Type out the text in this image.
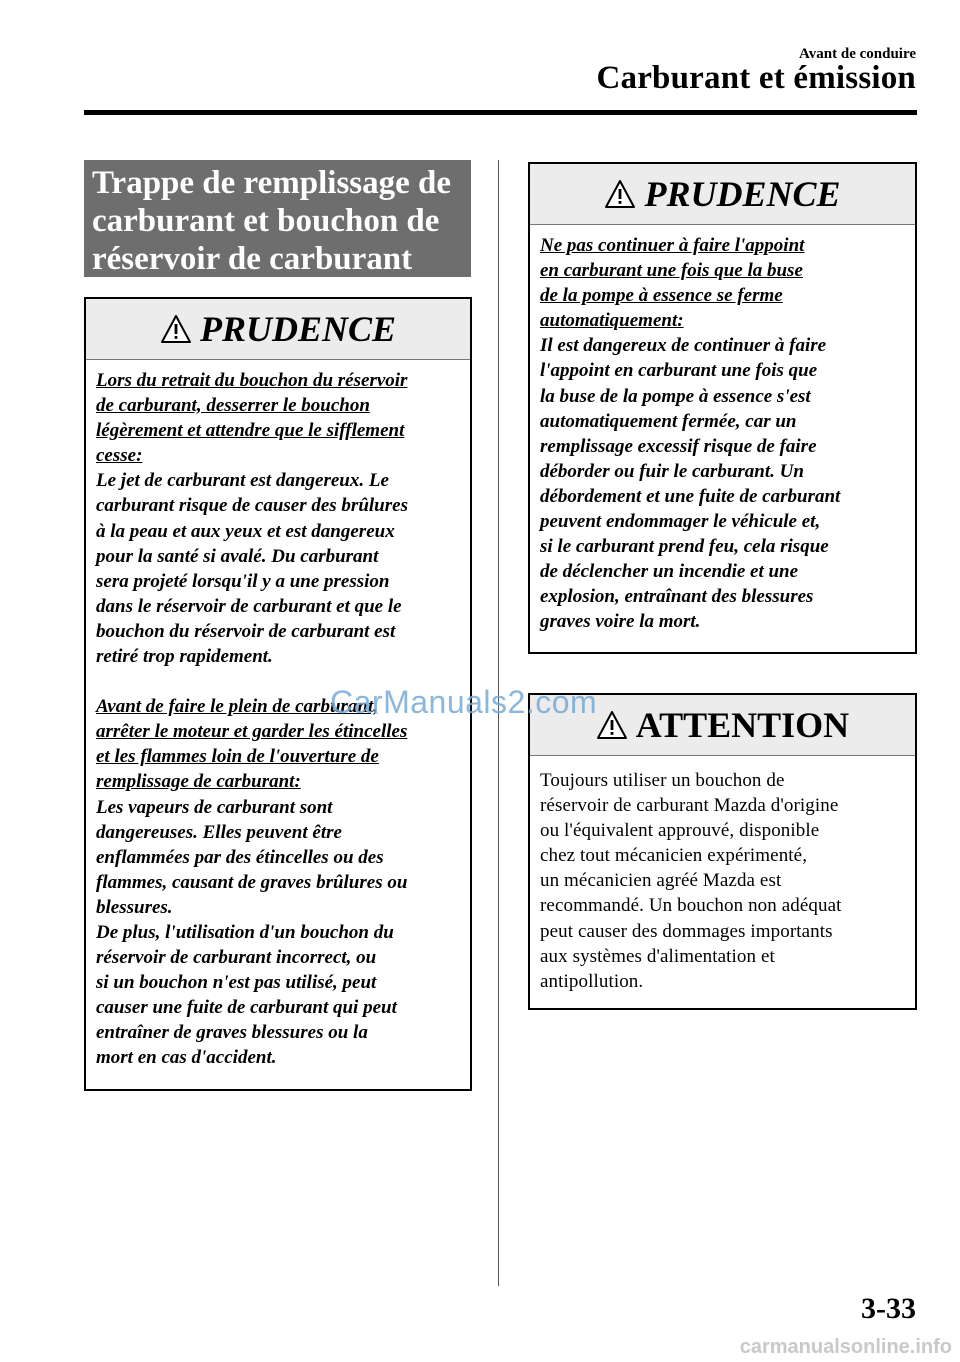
Avant de conduire
Carburant et émission
Trappe de remplissage de
carburant et bouchon de
réservoir de carburant
PRUDENCE
Lors du retrait du bouchon du réservoir
de carburant, desserrer le bouchon
légèrement et attendre que le sifflement
cesse:
Le jet de carburant est dangereux. Le
carburant risque de causer des brûlures
à la peau et aux yeux et est dangereux
pour la santé si avalé. Du carburant
sera projeté lorsqu'il y a une pression
dans le réservoir de carburant et que le
bouchon du réservoir de carburant est
retiré trop rapidement.
Avant de faire le plein de carburant,
arrêter le moteur et garder les étincelles
et les flammes loin de l'ouverture de
remplissage de carburant:
Les vapeurs de carburant sont
dangereuses. Elles peuvent être
enflammées par des étincelles ou des
flammes, causant de graves brûlures ou
blessures.
De plus, l'utilisation d'un bouchon du
réservoir de carburant incorrect, ou
si un bouchon n'est pas utilisé, peut
causer une fuite de carburant qui peut
entraîner de graves blessures ou la
mort en cas d'accident.
PRUDENCE
Ne pas continuer à faire l'appoint
en carburant une fois que la buse
de la pompe à essence se ferme
automatiquement:
Il est dangereux de continuer à faire
l'appoint en carburant une fois que
la buse de la pompe à essence s'est
automatiquement fermée, car un
remplissage excessif risque de faire
déborder ou fuir le carburant. Un
débordement et une fuite de carburant
peuvent endommager le véhicule et,
si le carburant prend feu, cela risque
de déclencher un incendie et une
explosion, entraînant des blessures
graves voire la mort.
ATTENTION
Toujours utiliser un bouchon de
réservoir de carburant Mazda d'origine
ou l'équivalent approuvé, disponible
chez tout mécanicien expérimenté,
un mécanicien agréé Mazda est
recommandé. Un bouchon non adéquat
peut causer des dommages importants
aux systèmes d'alimentation et
antipollution.
CarManuals2.com
3-33
carmanualsonline.info
